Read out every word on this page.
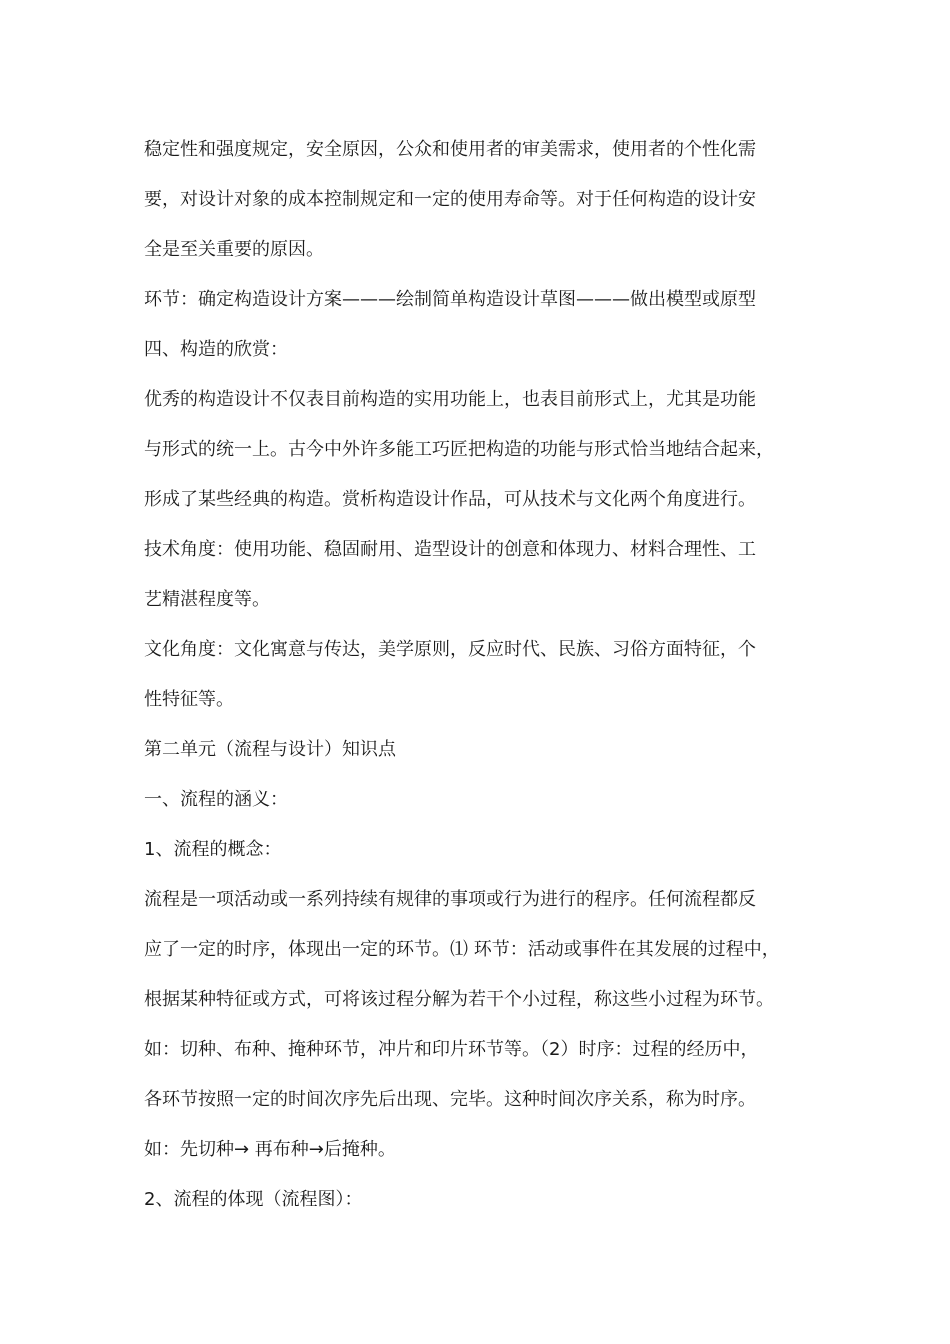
稳定性和强度规定，安全原因，公众和使用者的审美需求，使用者的个性化需
要，对设计对象的成本控制规定和一定的使用寿命等。对于任何构造的设计安
全是至关重要的原因。
环节：确定构造设计方案———绘制简单构造设计草图———做出模型或原型
四、构造的欣赏：
优秀的构造设计不仅表目前构造的实用功能上，也表目前形式上，尤其是功能
与形式的统一上。古今中外许多能工巧匠把构造的功能与形式恰当地结合起来，
形成了某些经典的构造。赏析构造设计作品，可从技术与文化两个角度进行。
技术角度：使用功能、稳固耐用、造型设计的创意和体现力、材料合理性、工
艺精湛程度等。
文化角度：文化寓意与传达，美学原则，反应时代、民族、习俗方面特征，个
性特征等。
第二单元（流程与设计）知识点
一、流程的涵义：
1、流程的概念：
流程是一项活动或一系列持续有规律的事项或行为进行的程序。任何流程都反
应了一定的时序，体现出一定的环节。⑴ 环节：活动或事件在其发展的过程中，
根据某种特征或方式，可将该过程分解为若干个小过程，称这些小过程为环节。
如：切种、布种、掩种环节，冲片和印片环节等。（2）时序：过程的经历中，
各环节按照一定的时间次序先后出现、完毕。这种时间次序关系，称为时序。
如：先切种→ 再布种→后掩种。
2、流程的体现（流程图）：
